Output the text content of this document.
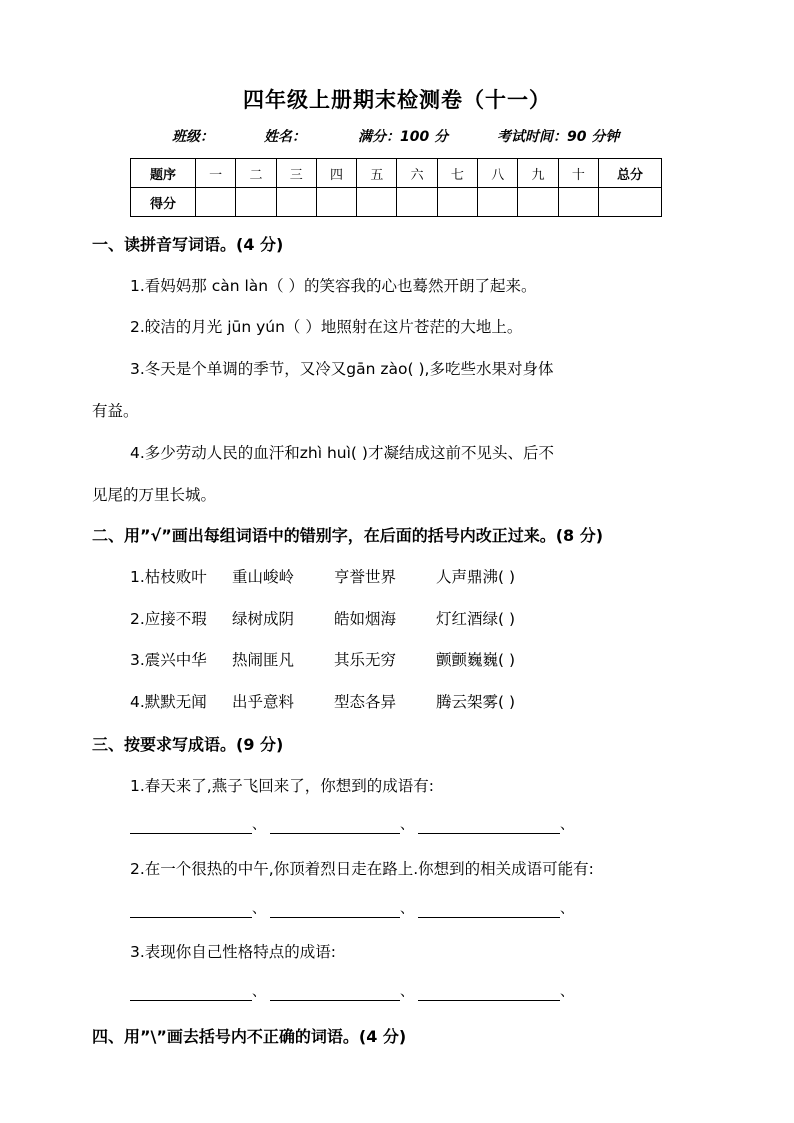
四年级上册期末检测卷（十一）
班级：	姓名：	满分：100 分	考试时间：90 分钟
题序	一	二	三	四	五	六	七	八	九	十	总分
得分											
一、读拼音写词语。(4 分)
1.看妈妈那 càn làn（ ）的笑容我的心也蓦然开朗了起来。
2.皎洁的月光 jūn yún（ ）地照射在这片苍茫的大地上。
3.冬天是个单调的季节，又冷又gān zào( ),多吃些水果对身体
有益。
4.多少劳动人民的血汗和zhì huì( )才凝结成这前不见头、后不
见尾的万里长城。
二、用”√”画出每组词语中的错别字，在后面的括号内改正过来。(8 分)
1.枯枝败叶 重山峻岭	亨誉世界	人声鼎沸( )
2.应接不瑕 绿树成阴	皓如烟海	灯红酒绿( )
3.震兴中华 热闹匪凡	其乐无穷	颤颤巍巍( )
4.默默无闻 出乎意料	型态各异	腾云架雾( )
三、按要求写成语。(9 分)
1.春天来了,燕子飞回来了，你想到的成语有:
、	、	、
2.在一个很热的中午,你顶着烈日走在路上.你想到的相关成语可能有:
、	、	、
3.表现你自己性格特点的成语:
、	、	、
四、用”\”画去括号内不正确的词语。(4 分)
